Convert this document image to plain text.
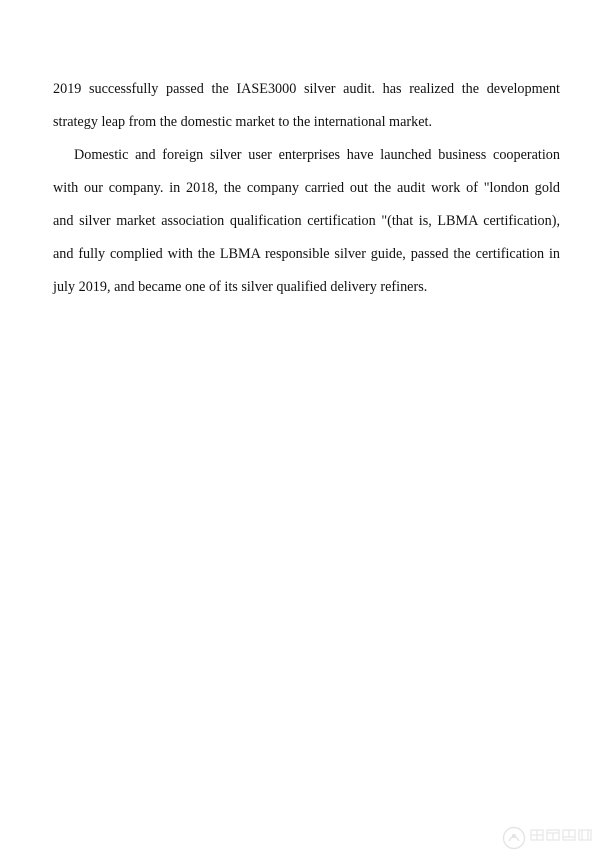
2019 successfully passed the IASE3000 silver audit. has realized the development
strategy leap from the domestic market to the international market.
Domestic and foreign silver user enterprises have launched business cooperation
with our company. in 2018, the company carried out the audit work of "london gold
and silver market association qualification certification "(that is, LBMA certification),
and fully complied with the LBMA responsible silver guide, passed the certification in
july 2019, and became one of its silver qualified delivery refiners.
